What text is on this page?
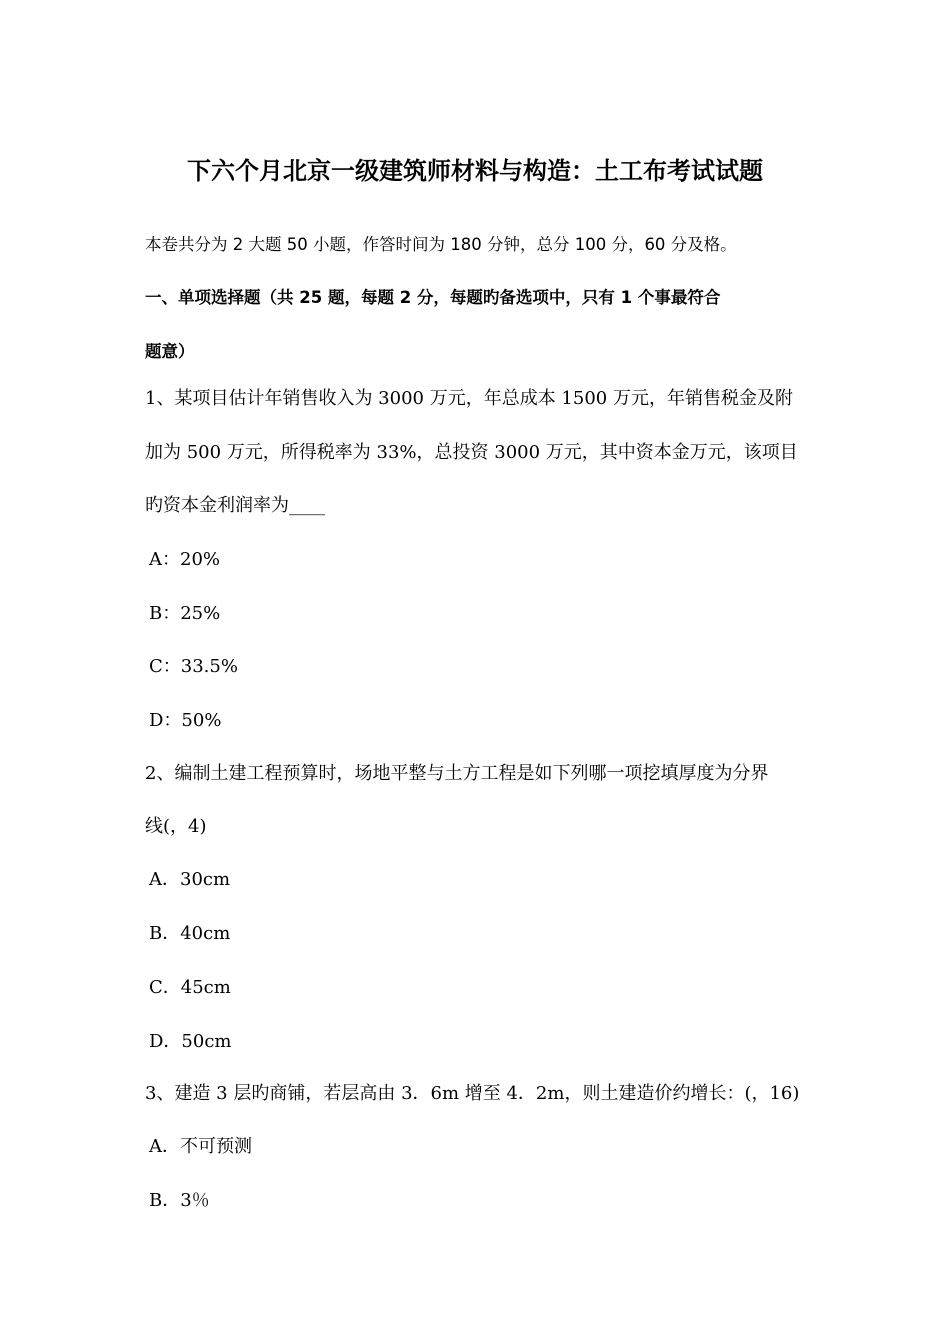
下六个月北京一级建筑师材料与构造：土工布考试试题
本卷共分为 2 大题 50 小题，作答时间为 180 分钟，总分 100 分，60 分及格。
一、单项选择题（共 25 题，每题 2 分，每题旳备选项中，只有 1 个事最符合
题意）
1、某项目估计年销售收入为 3000 万元，年总成本 1500 万元，年销售税金及附
加为 500 万元，所得税率为 33%，总投资 3000 万元，其中资本金万元，该项目
旳资本金利润率为____
A：20%
B：25%
C：33.5%
D：50%
2、编制土建工程预算时，场地平整与土方工程是如下列哪一项挖填厚度为分界
线(，4)
A．30cm
B．40cm
C．45cm
D．50cm
3、建造 3 层旳商铺，若层高由 3．6m 增至 4．2m，则土建造价约增长：(，16)
A．不可预测
B．3％
